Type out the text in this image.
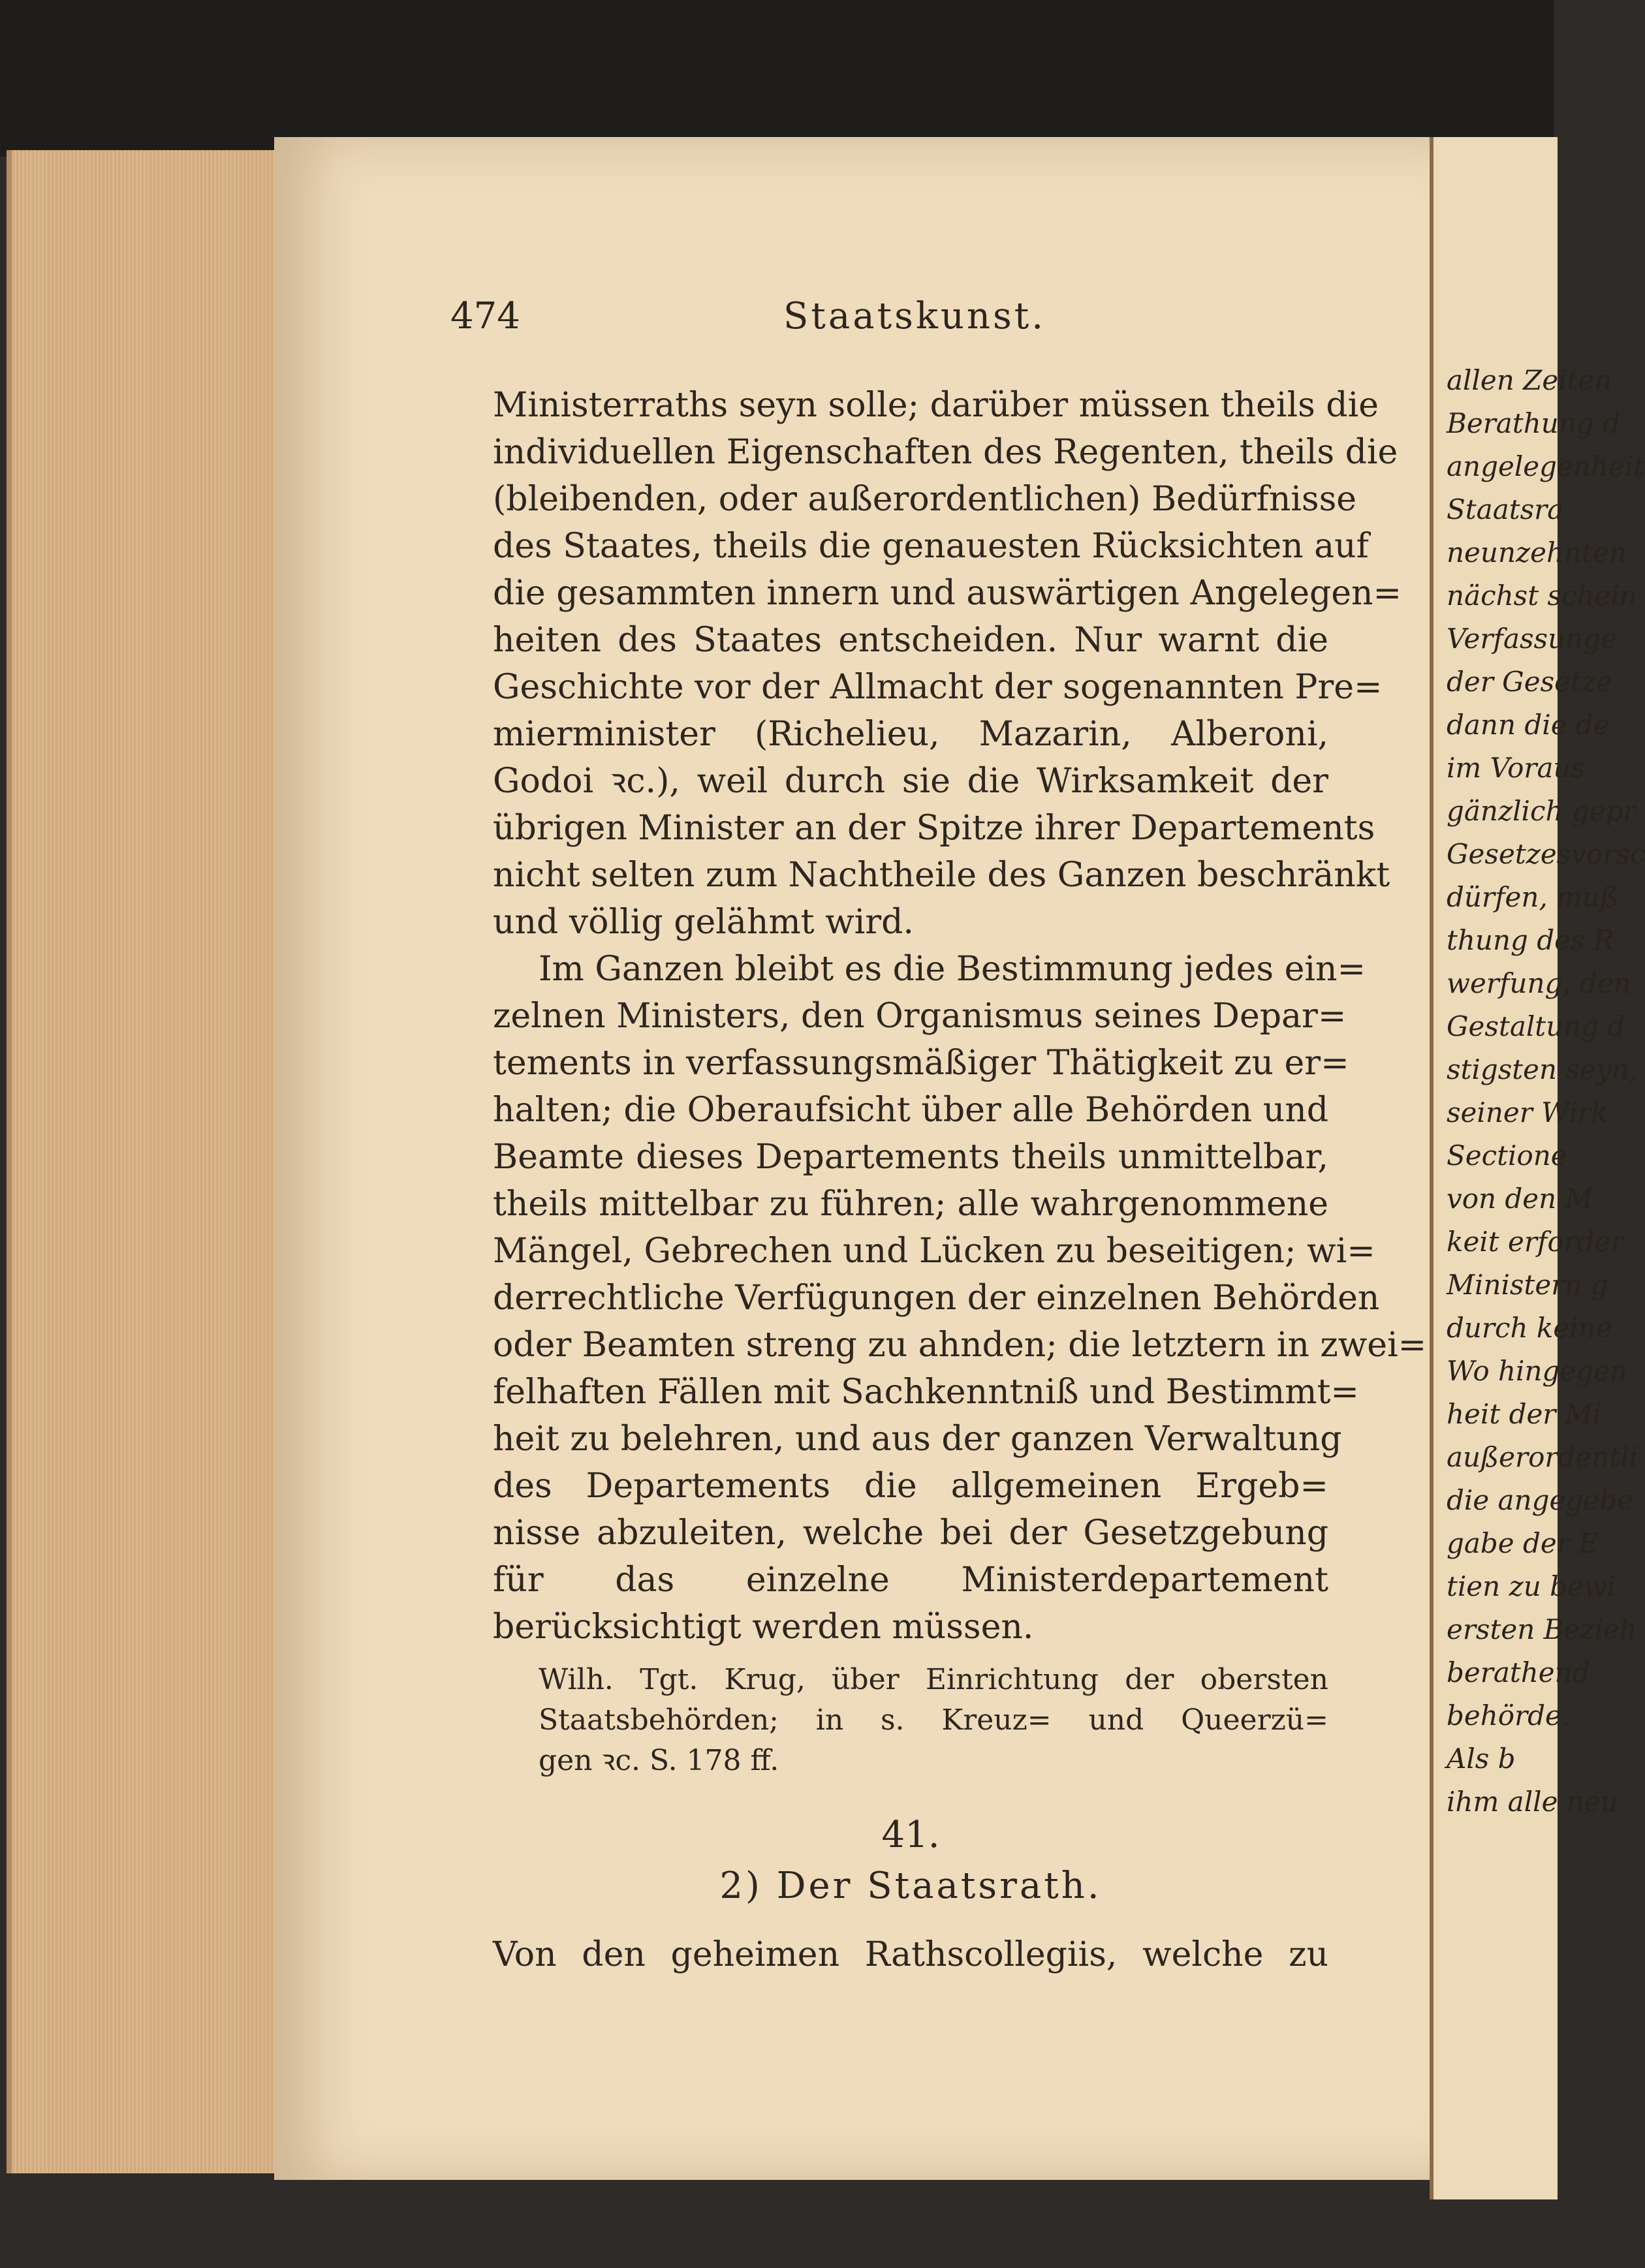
474	Staatskunst.
Ministerraths seyn solle; darüber müssen theils die
individuellen Eigenschaften des Regenten, theils die
(bleibenden, oder außerordentlichen) Bedürfnisse
des Staates, theils die genauesten Rücksichten auf
die gesammten innern und auswärtigen Angelegen=
heiten des Staates entscheiden. Nur warnt die
Geschichte vor der Allmacht der sogenannten Pre=
mierminister (Richelieu, Mazarin, Alberoni,
Godoi ꝛc.), weil durch sie die Wirksamkeit der
übrigen Minister an der Spitze ihrer Departements
nicht selten zum Nachtheile des Ganzen beschränkt
und völlig gelähmt wird.
Im Ganzen bleibt es die Bestimmung jedes ein=
zelnen Ministers, den Organismus seines Depar=
tements in verfassungsmäßiger Thätigkeit zu er=
halten; die Oberaufsicht über alle Behörden und
Beamte dieses Departements theils unmittelbar,
theils mittelbar zu führen; alle wahrgenommene
Mängel, Gebrechen und Lücken zu beseitigen; wi=
derrechtliche Verfügungen der einzelnen Behörden
oder Beamten streng zu ahnden; die letztern in zwei=
felhaften Fällen mit Sachkenntniß und Bestimmt=
heit zu belehren, und aus der ganzen Verwaltung
des Departements die allgemeinen Ergeb=
nisse abzuleiten, welche bei der Gesetzgebung
für das einzelne Ministerdepartement
berücksichtigt werden müssen.
Wilh. Tgt. Krug, über Einrichtung der obersten
Staatsbehörden; in s. Kreuz= und Queerzü=
gen ꝛc. S. 178 ff.
41.
2) Der Staatsrath.
Von den geheimen Rathscollegiis, welche zu
allen Zeiten
Berathung d
angelegenheit
Staatsra
neunzehnten
nächst schein
Verfassunge
der Gesetze
dann die de
im Voraus
gänzlich gepr
Gesetzesvorsc
dürfen, muß
thung des R
werfung, den
Gestaltung d
stigsten seyn,
seiner Wirk
Sectione
von den M
keit erforder
Ministern g
durch keine
Wo hingegen
heit der Mi
außerordentli
die angegebe
gabe der E
tien zu bewi
ersten Bezieh
berathend
behörde.
Als b
ihm alle neu
